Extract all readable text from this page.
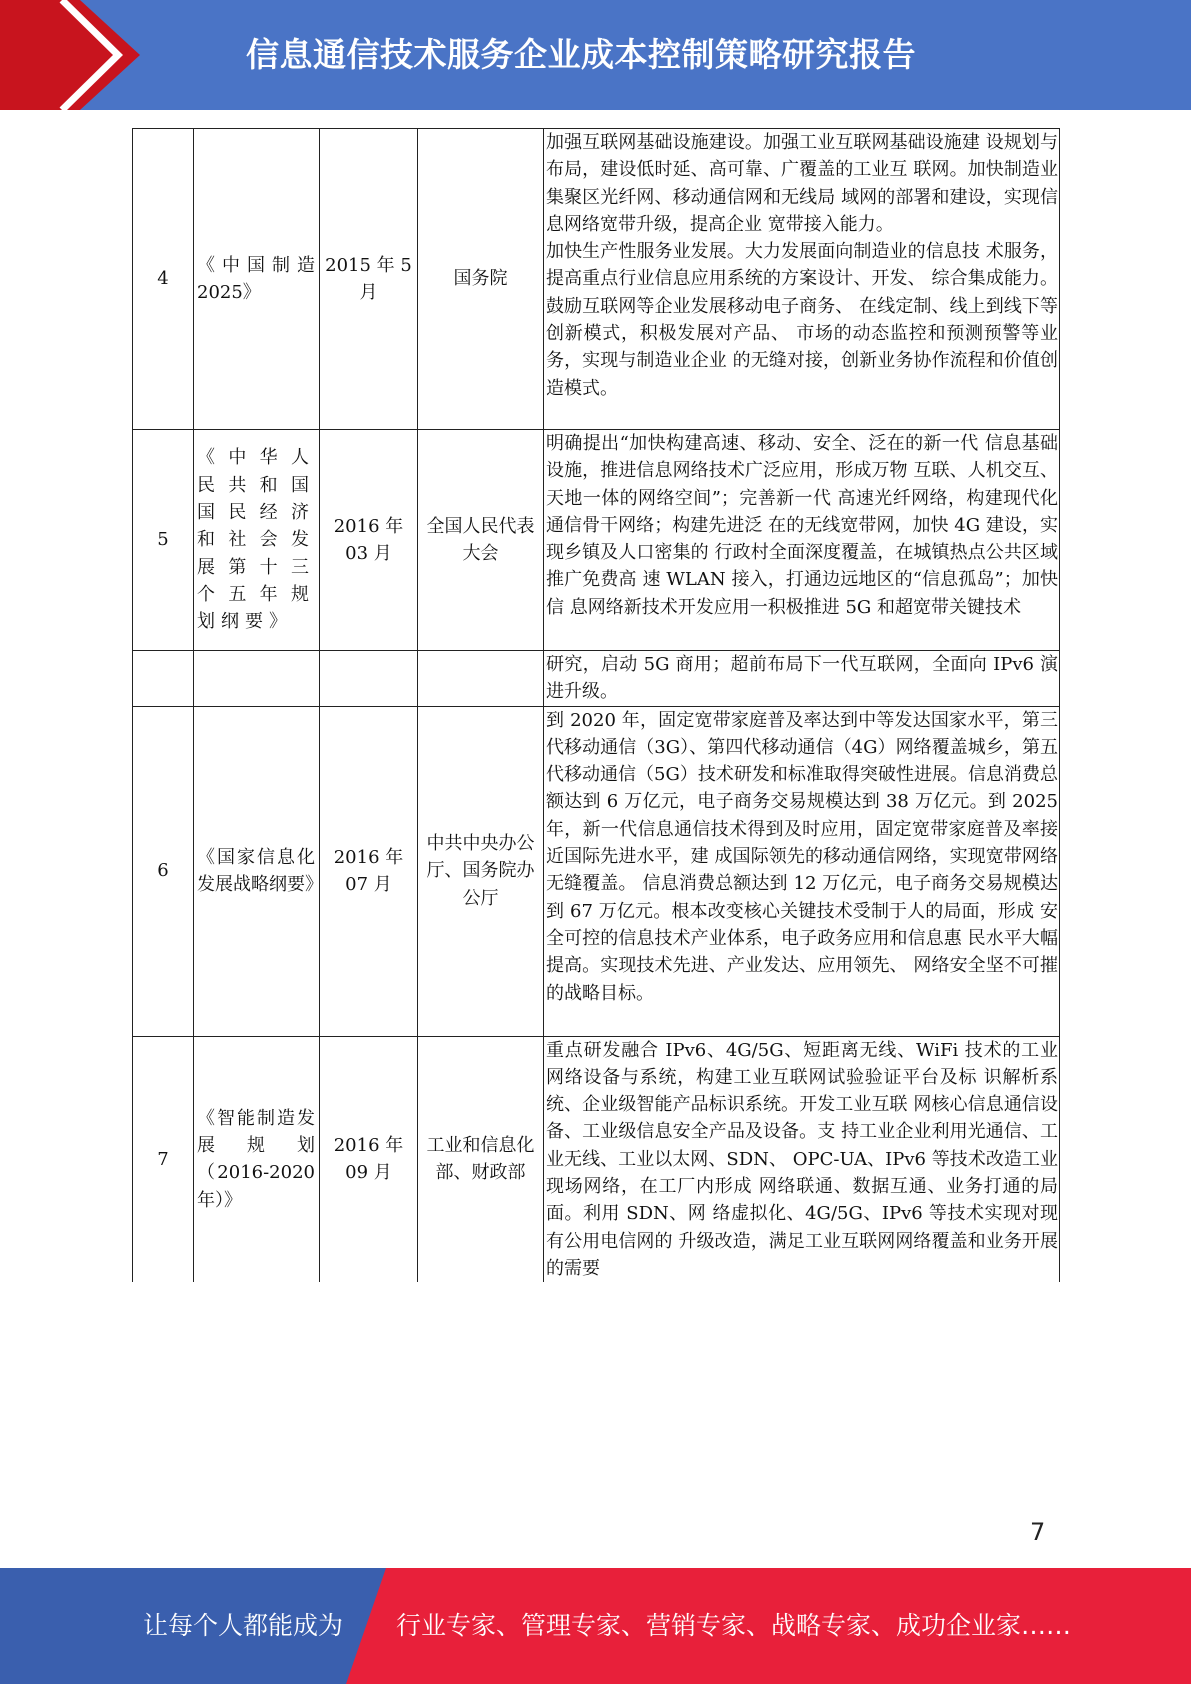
信息通信技术服务企业成本控制策略研究报告
4	《中国制造2025》	2015 年 5 月	国务院	加强互联网基础设施建设。加强工业互联网基础设施建 设规划与布局，建设低时延、高可靠、广覆盖的工业互 联网。加快制造业集聚区光纤网、移动通信网和无线局 域网的部署和建设，实现信息网络宽带升级，提高企业 宽带接入能力。
加快生产性服务业发展。大力发展面向制造业的信息技 术服务，提高重点行业信息应用系统的方案设计、开发、 综合集成能力。鼓励互联网等企业发展移动电子商务、 在线定制、线上到线下等创新模式，积极发展对产品、 市场的动态监控和预测预警等业务，实现与制造业企业 的无缝对接，创新业务协作流程和价值创造模式。

5	《中华人民共和国国民经济和社会发展第十三个五年规划纲要》	2016 年 03 月	全国人民代表大会	明确提出“加快构建高速、移动、安全、泛在的新一代 信息基础设施，推进信息网络技术广泛应用，形成万物 互联、人机交互、天地一体的网络空间”；完善新一代 高速光纤网络，构建现代化通信骨干网络；构建先进泛 在的无线宽带网，加快 4G 建设，实现乡镇及人口密集的 行政村全面深度覆盖，在城镇热点公共区域推广免费高 速 WLAN 接入，打通边远地区的“信息孤岛”；加快信 息网络新技术开发应用一积极推进 5G 和超宽带关键技术

				研究，启动 5G 商用；超前布局下一代互联网，全面向 IPv6 演进升级。

6	《国家信息化发展战略纲要》	2016 年 07 月	中共中央办公厅、国务院办公厅	到 2020 年，固定宽带家庭普及率达到中等发达国家水平，第三代移动通信（3G）、第四代移动通信（4G）网络覆盖城乡，第五代移动通信（5G）技术研发和标准取得突破性进展。信息消费总额达到 6 万亿元，电子商务交易规模达到 38 万亿元。到 2025 年，新一代信息通信技术得到及时应用，固定宽带家庭普及率接近国际先进水平，建 成国际领先的移动通信网络，实现宽带网络无缝覆盖。 信息消费总额达到 12 万亿元，电子商务交易规模达到 67 万亿元。根本改变核心关键技术受制于人的局面，形成 安全可控的信息技术产业体系，电子政务应用和信息惠 民水平大幅提高。实现技术先进、产业发达、应用领先、 网络安全坚不可摧的战略目标。

7	《智能制造发展规划（2016-2020 年）》	2016 年 09 月	工业和信息化部、财政部	重点研发融合 IPv6、4G/5G、短距离无线、WiFi 技术的工业网络设备与系统，构建工业互联网试验验证平台及标 识解析系统、企业级智能产品标识系统。开发工业互联 网核心信息通信设备、工业级信息安全产品及设备。支 持工业企业利用光通信、工业无线、工业以太网、SDN、 OPC-UA、IPv6 等技术改造工业现场网络，在工厂内形成 网络联通、数据互通、业务打通的局面。利用 SDN、网 络虚拟化、4G/5G、IPv6 等技术实现对现有公用电信网的 升级改造，满足工业互联网网络覆盖和业务开展的需要
7
让每个人都能成为 行业专家、管理专家、营销专家、战略专家、成功企业家……
